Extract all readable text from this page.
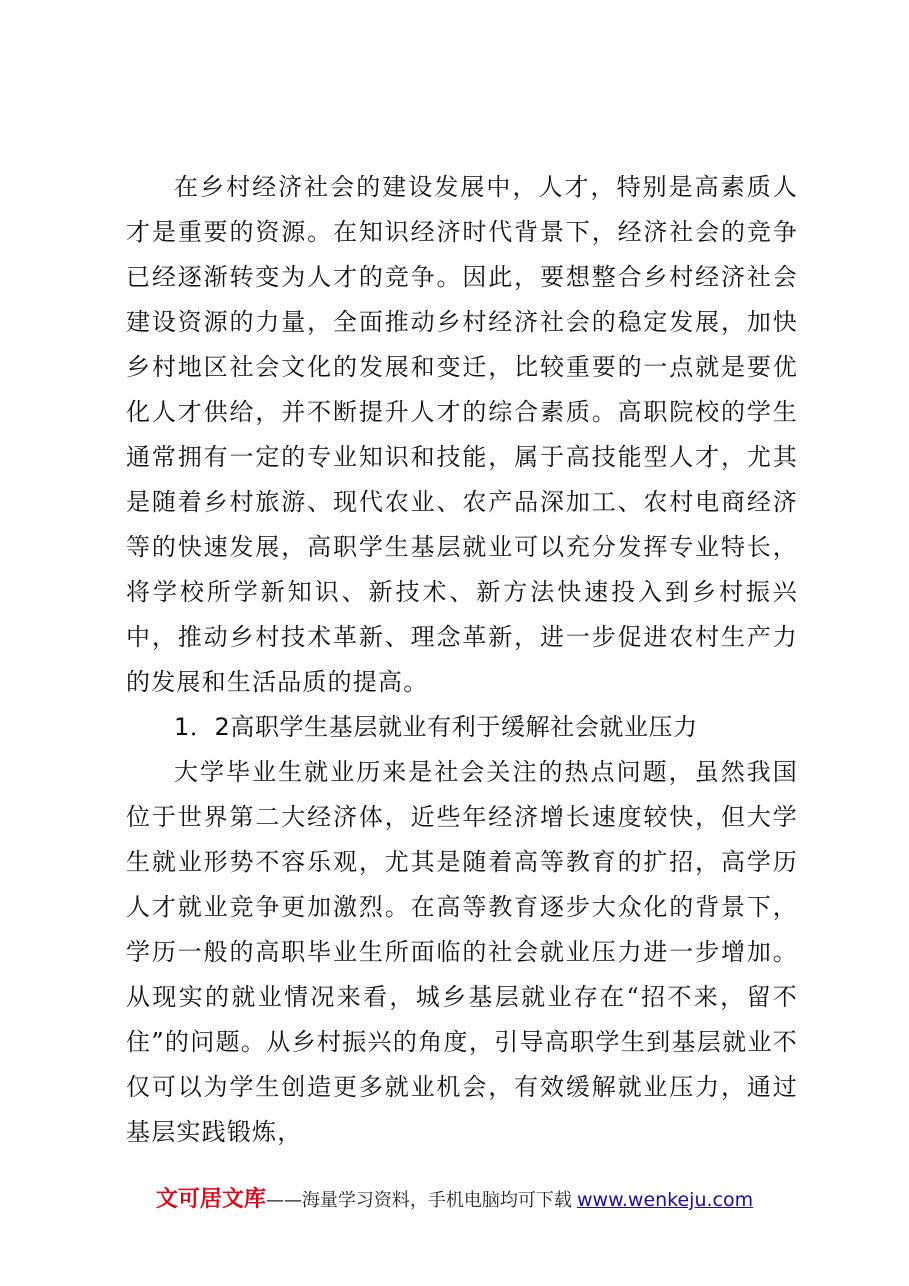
在乡村经济社会的建设发展中，人才，特别是高素质人才是重要的资源。在知识经济时代背景下，经济社会的竞争已经逐渐转变为人才的竞争。因此，要想整合乡村经济社会建设资源的力量，全面推动乡村经济社会的稳定发展，加快乡村地区社会文化的发展和变迁，比较重要的一点就是要优化人才供给，并不断提升人才的综合素质。高职院校的学生通常拥有一定的专业知识和技能，属于高技能型人才，尤其是随着乡村旅游、现代农业、农产品深加工、农村电商经济等的快速发展，高职学生基层就业可以充分发挥专业特长，将学校所学新知识、新技术、新方法快速投入到乡村振兴中，推动乡村技术革新、理念革新，进一步促进农村生产力的发展和生活品质的提高。

1．2高职学生基层就业有利于缓解社会就业压力

大学毕业生就业历来是社会关注的热点问题，虽然我国位于世界第二大经济体，近些年经济增长速度较快，但大学生就业形势不容乐观，尤其是随着高等教育的扩招，高学历人才就业竞争更加激烈。在高等教育逐步大众化的背景下，学历一般的高职毕业生所面临的社会就业压力进一步增加。从现实的就业情况来看，城乡基层就业存在“招不来，留不住”的问题。从乡村振兴的角度，引导高职学生到基层就业不仅可以为学生创造更多就业机会，有效缓解就业压力，通过基层实践锻炼，

文可居文库——海量学习资料，手机电脑均可下载 www.wenkeju.com
